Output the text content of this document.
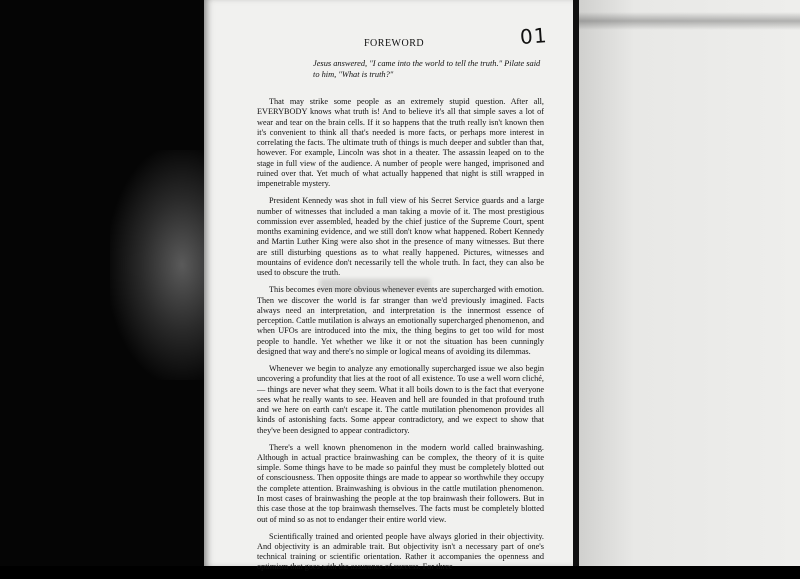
01
FOREWORD
Jesus answered, "I came into the world to tell the truth." Pilate said to him, "What is truth?"

That may strike some people as an extremely stupid question. After all, EVERYBODY knows what truth is! And to believe it's all that simple saves a lot of wear and tear on the brain cells. If it so happens that the truth really isn't known then it's convenient to think all that's needed is more facts, or perhaps more interest in correlating the facts. The ultimate truth of things is much deeper and subtler than that, however. For example, Lincoln was shot in a theater. The assassin leaped on to the stage in full view of the audience. A number of people were hanged, imprisoned and ruined over that. Yet much of what actually happened that night is still wrapped in impenetrable mystery.

President Kennedy was shot in full view of his Secret Service guards and a large number of witnesses that included a man taking a movie of it. The most prestigious commission ever assembled, headed by the chief justice of the Supreme Court, spent months examining evidence, and we still don't know what happened. Robert Kennedy and Martin Luther King were also shot in the presence of many witnesses. But there are still disturbing questions as to what really happened. Pictures, witnesses and mountains of evidence don't necessarily tell the whole truth. In fact, they can also be used to obscure the truth.

This becomes even more obvious whenever events are supercharged with emotion. Then we discover the world is far stranger than we'd previously imagined. Facts always need an interpretation, and interpretation is the innermost essence of perception. Cattle mutilation is always an emotionally supercharged phenomenon, and when UFOs are introduced into the mix, the thing begins to get too wild for most people to handle. Yet whether we like it or not the situation has been cunningly designed that way and there's no simple or logical means of avoiding its dilemmas.

Whenever we begin to analyze any emotionally supercharged issue we also begin uncovering a profundity that lies at the root of all existence. To use a well worn cliché, — things are never what they seem. What it all boils down to is the fact that everyone sees what he really wants to see. Heaven and hell are founded in that profound truth and we here on earth can't escape it. The cattle mutilation phenomenon provides all kinds of astonishing facts. Some appear contradictory, and we expect to show that they've been designed to appear contradictory.

There's a well known phenomenon in the modern world called brainwashing. Although in actual practice brainwashing can be complex, the theory of it is quite simple. Some things have to be made so painful they must be completely blotted out of consciousness. Then opposite things are made to appear so worthwhile they occupy the complete attention. Brainwashing is obvious in the cattle mutilation phenomenon. In most cases of brainwashing the people at the top brainwash their followers. But in this case those at the top brainwash themselves. The facts must be completely blotted out of mind so as not to endanger their entire world view.

Scientifically trained and oriented people have always gloried in their objectivity. And objectivity is an admirable trait. But objectivity isn't a necessary part of one's technical training or scientific orientation. Rather it accompanies the openness and optimism that goes with the assurance of success. For three
